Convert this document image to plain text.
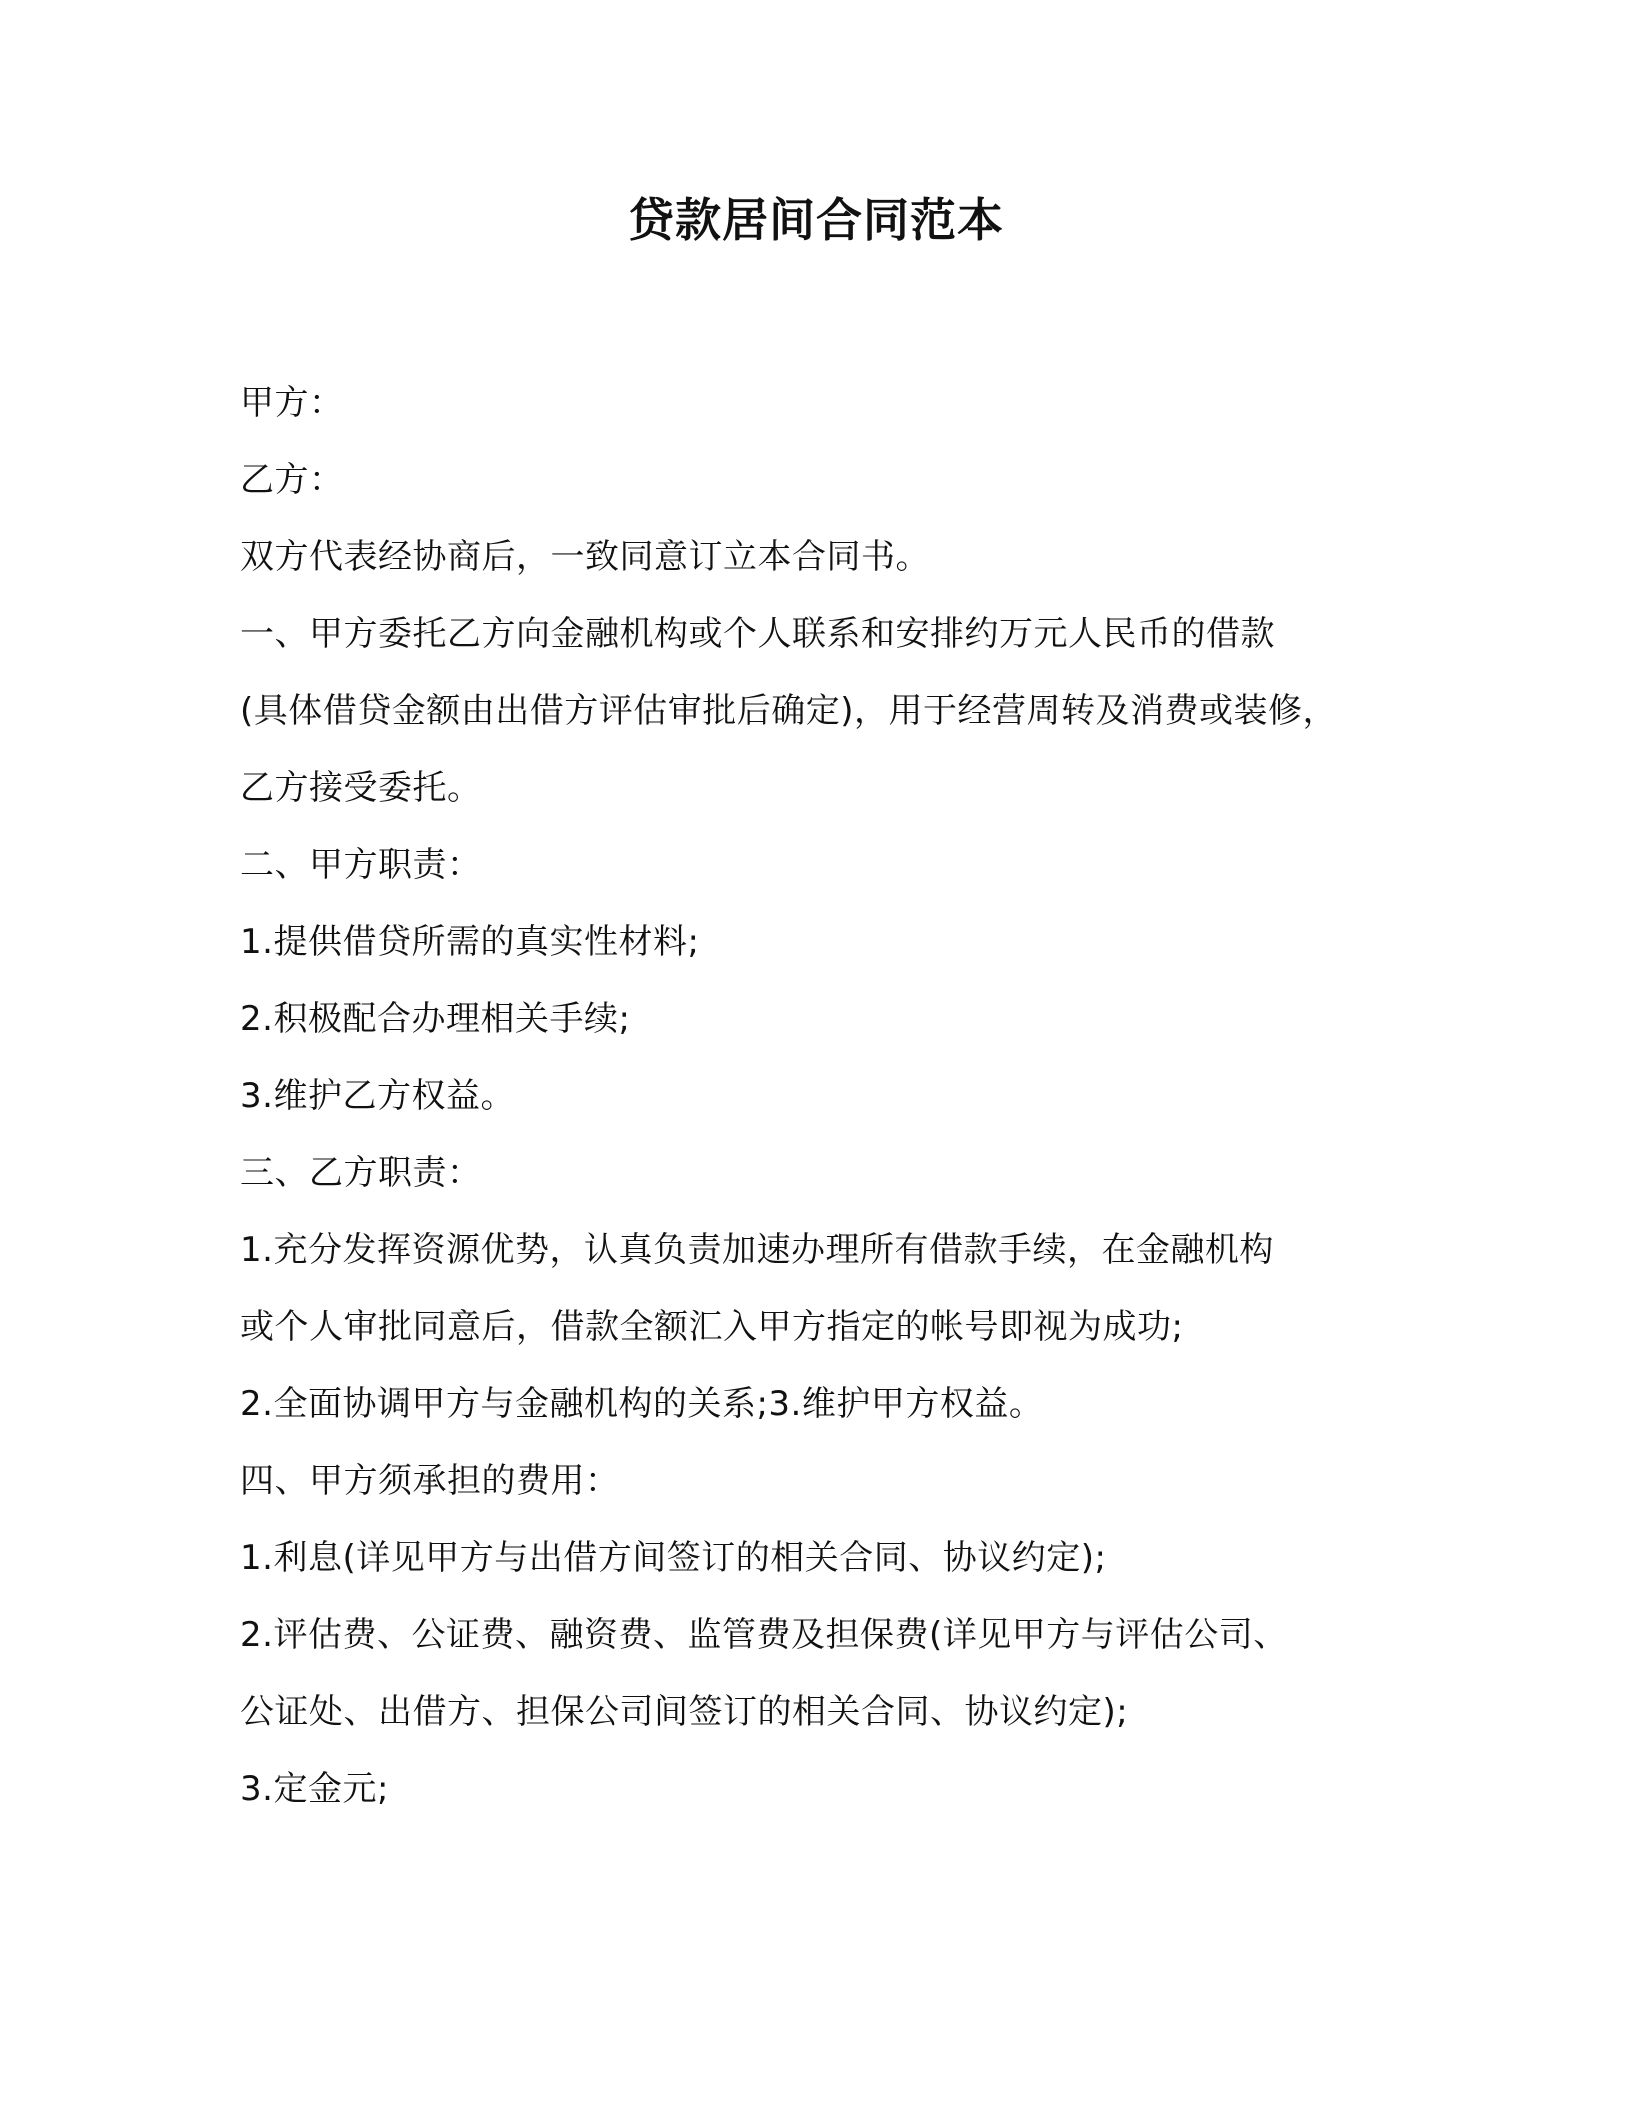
贷款居间合同范本
甲方：
乙方：
双方代表经协商后，一致同意订立本合同书。
一、甲方委托乙方向金融机构或个人联系和安排约万元人民币的借款
(具体借贷金额由出借方评估审批后确定)，用于经营周转及消费或装修，
乙方接受委托。
二、甲方职责：
1.提供借贷所需的真实性材料;
2.积极配合办理相关手续;
3.维护乙方权益。
三、乙方职责：
1.充分发挥资源优势，认真负责加速办理所有借款手续，在金融机构
或个人审批同意后，借款全额汇入甲方指定的帐号即视为成功;
2.全面协调甲方与金融机构的关系;3.维护甲方权益。
四、甲方须承担的费用：
1.利息(详见甲方与出借方间签订的相关合同、协议约定);
2.评估费、公证费、融资费、监管费及担保费(详见甲方与评估公司、
公证处、出借方、担保公司间签订的相关合同、协议约定);
3.定金元;
